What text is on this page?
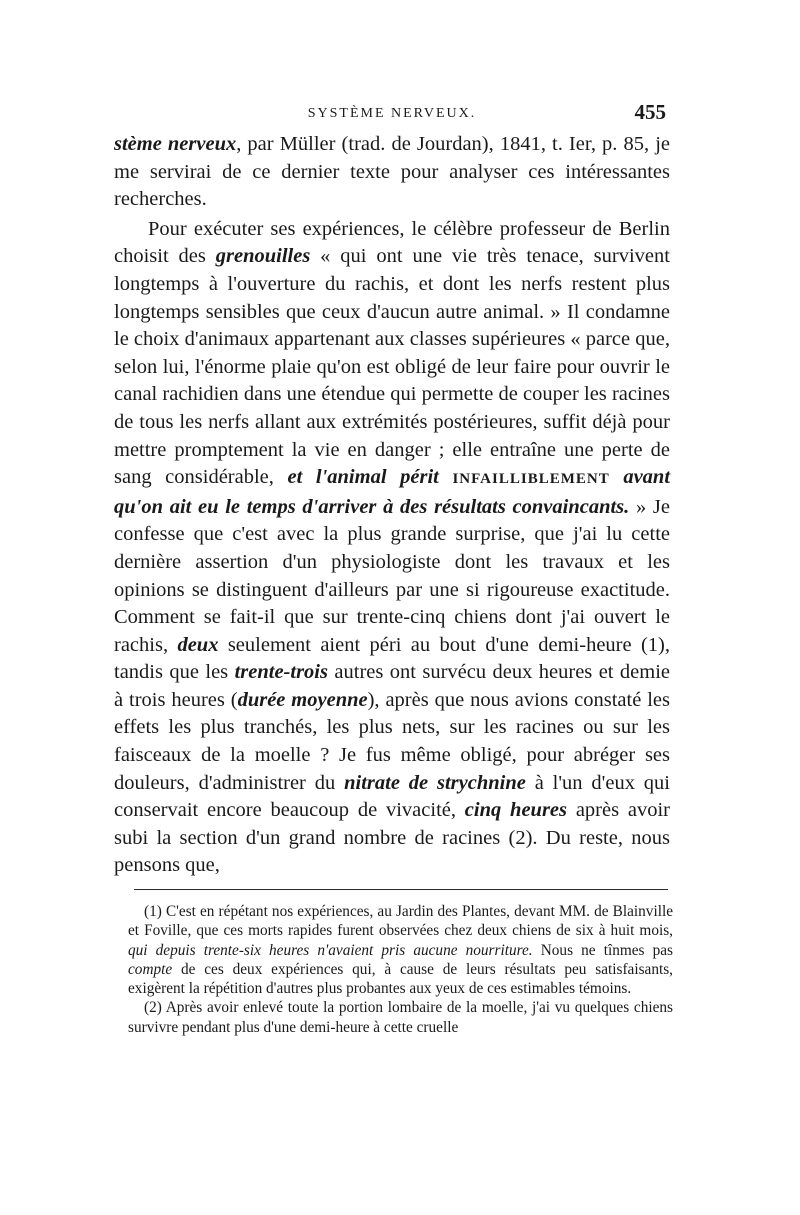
SYSTÈME NERVEUX.	455

stème nerveux, par Müller (trad. de Jourdan), 1841, t. Ier, p. 85, je me servirai de ce dernier texte pour analyser ces intéressantes recherches.

Pour exécuter ses expériences, le célèbre professeur de Berlin choisit des grenouilles « qui ont une vie très tenace, survivent longtemps à l'ouverture du rachis, et dont les nerfs restent plus longtemps sensibles que ceux d'aucun autre animal. » Il condamne le choix d'animaux appartenant aux classes supérieures « parce que, selon lui, l'énorme plaie qu'on est obligé de leur faire pour ouvrir le canal rachidien dans une étendue qui permette de couper les racines de tous les nerfs allant aux extrémités postérieures, suffit déjà pour mettre promptement la vie en danger ; elle entraîne une perte de sang considérable, et l'animal périt INFAILLIBLEMENT avant qu'on ait eu le temps d'arriver à des résultats convaincants. » Je confesse que c'est avec la plus grande surprise, que j'ai lu cette dernière assertion d'un physiologiste dont les travaux et les opinions se distinguent d'ailleurs par une si rigoureuse exactitude. Comment se fait-il que sur trente-cinq chiens dont j'ai ouvert le rachis, deux seulement aient péri au bout d'une demi-heure (1), tandis que les trente-trois autres ont survécu deux heures et demie à trois heures (durée moyenne), après que nous avions constaté les effets les plus tranchés, les plus nets, sur les racines ou sur les faisceaux de la moelle ? Je fus même obligé, pour abréger ses douleurs, d'administrer du nitrate de strychnine à l'un d'eux qui conservait encore beaucoup de vivacité, cinq heures après avoir subi la section d'un grand nombre de racines (2). Du reste, nous pensons que,

(1) C'est en répétant nos expériences, au Jardin des Plantes, devant MM. de Blainville et Foville, que ces morts rapides furent observées chez deux chiens de six à huit mois, qui depuis trente-six heures n'avaient pris aucune nourriture. Nous ne tînmes pas compte de ces deux expériences qui, à cause de leurs résultats peu satisfaisants, exigèrent la répétition d'autres plus probantes aux yeux de ces estimables témoins.

(2) Après avoir enlevé toute la portion lombaire de la moelle, j'ai vu quelques chiens survivre pendant plus d'une demi-heure à cette cruelle
